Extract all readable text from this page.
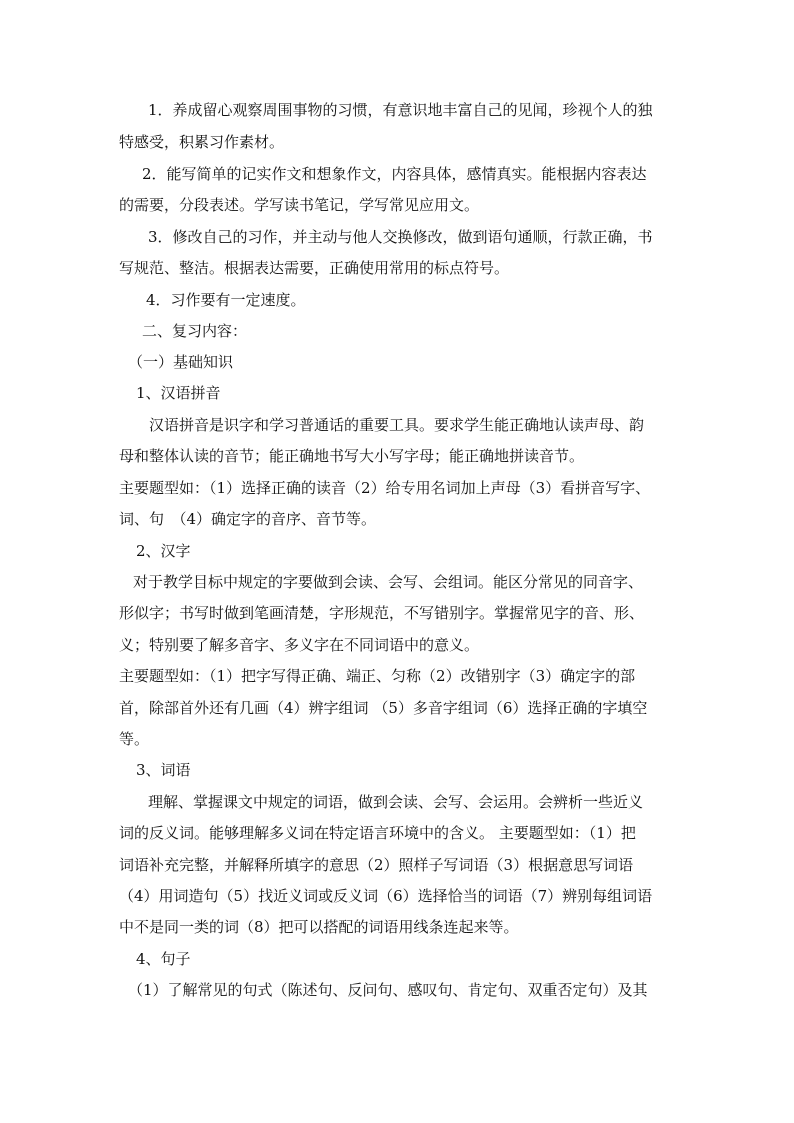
1．养成留心观察周围事物的习惯，有意识地丰富自己的见闻，珍视个人的独
特感受，积累习作素材。
2．能写简单的记实作文和想象作文，内容具体，感情真实。能根据内容表达
的需要，分段表述。学写读书笔记，学写常见应用文。
3．修改自己的习作，并主动与他人交换修改，做到语句通顺，行款正确，书
写规范、整洁。根据表达需要，正确使用常用的标点符号。
4．习作要有一定速度。
二、复习内容：
（一）基础知识
1、汉语拼音
汉语拼音是识字和学习普通话的重要工具。要求学生能正确地认读声母、韵
母和整体认读的音节；能正确地书写大小写字母；能正确地拼读音节。
主要题型如：（1）选择正确的读音（2）给专用名词加上声母（3）看拼音写字、
词、句　（4）确定字的音序、音节等。
2、汉字
对于教学目标中规定的字要做到会读、会写、会组词。能区分常见的同音字、
形似字；书写时做到笔画清楚，字形规范，不写错别字。掌握常见字的音、形、
义；特别要了解多音字、多义字在不同词语中的意义。
主要题型如：（1）把字写得正确、端正、匀称（2）改错别字（3）确定字的部
首，除部首外还有几画（4）辨字组词 （5）多音字组词（6）选择正确的字填空
等。
3、词语
理解、掌握课文中规定的词语，做到会读、会写、会运用。会辨析一些近义
词的反义词。能够理解多义词在特定语言环境中的含义。 主要题型如：（1）把
词语补充完整，并解释所填字的意思（2）照样子写词语（3）根据意思写词语
（4）用词造句（5）找近义词或反义词（6）选择恰当的词语（7）辨别每组词语
中不是同一类的词（8）把可以搭配的词语用线条连起来等。
4、句子
（1）了解常见的句式（陈述句、反问句、感叹句、肯定句、双重否定句）及其
